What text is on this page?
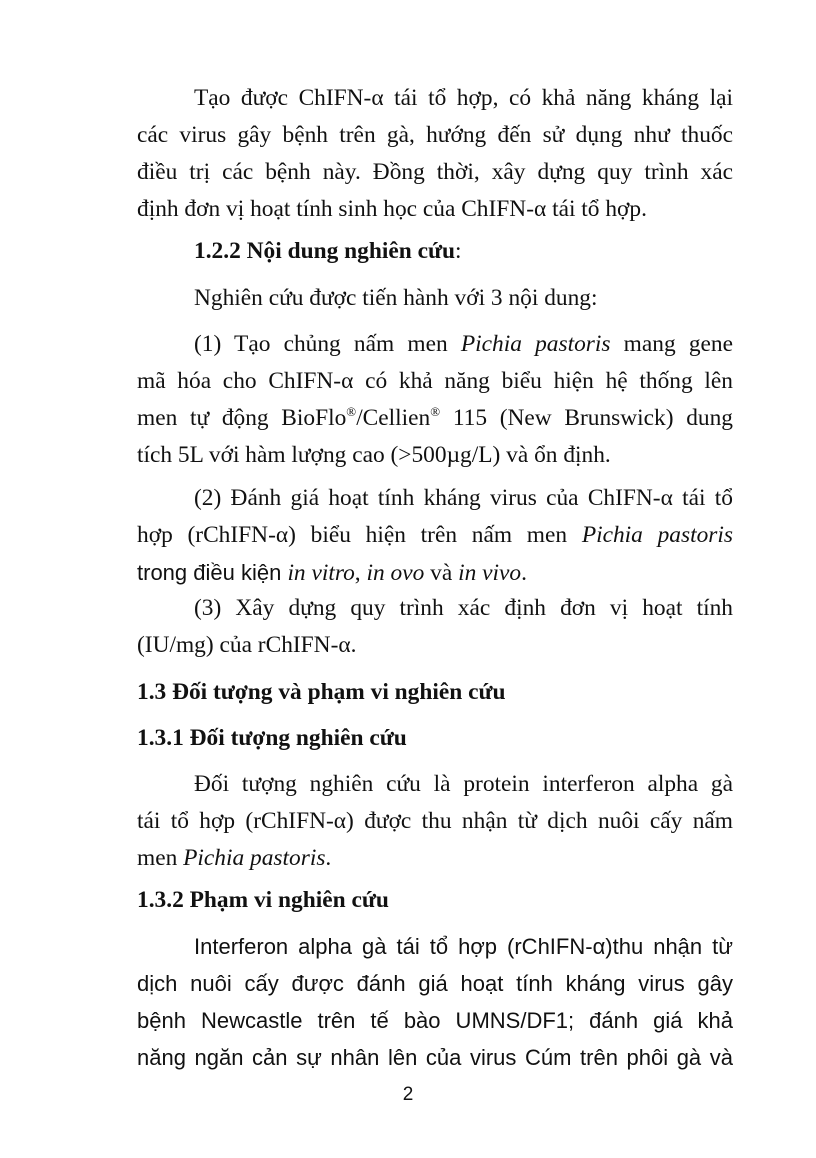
Tạo được ChIFN-α tái tổ hợp, có khả năng kháng lại
các virus gây bệnh trên gà, hướng đến sử dụng như thuốc
điều trị các bệnh này. Đồng thời, xây dựng quy trình xác
định đơn vị hoạt tính sinh học của ChIFN-α tái tổ hợp.
1.2.2 Nội dung nghiên cứu:
Nghiên cứu được tiến hành với 3 nội dung:
(1) Tạo chủng nấm men Pichia pastoris mang gene
mã hóa cho ChIFN-α có khả năng biểu hiện hệ thống lên
men tự động BioFlo®/Cellien® 115 (New Brunswick) dung
tích 5L với hàm lượng cao (>500µg/L) và ổn định.
(2) Đánh giá hoạt tính kháng virus của ChIFN-α tái tổ
hợp (rChIFN-α) biểu hiện trên nấm men Pichia pastoris
trong điều kiện in vitro, in ovo và in vivo.
(3) Xây dựng quy trình xác định đơn vị hoạt tính
(IU/mg) của rChIFN-α.
1.3 Đối tượng và phạm vi nghiên cứu
1.3.1 Đối tượng nghiên cứu
Đối tượng nghiên cứu là protein interferon alpha gà
tái tổ hợp (rChIFN-α) được thu nhận từ dịch nuôi cấy nấm
men Pichia pastoris.
1.3.2 Phạm vi nghiên cứu
Interferon alpha gà tái tổ hợp (rChIFN-α)thu nhận từ
dịch nuôi cấy được đánh giá hoạt tính kháng virus gây
bệnh Newcastle trên tế bào UMNS/DF1; đánh giá khả
năng ngăn cản sự nhân lên của virus Cúm trên phôi gà và
2
